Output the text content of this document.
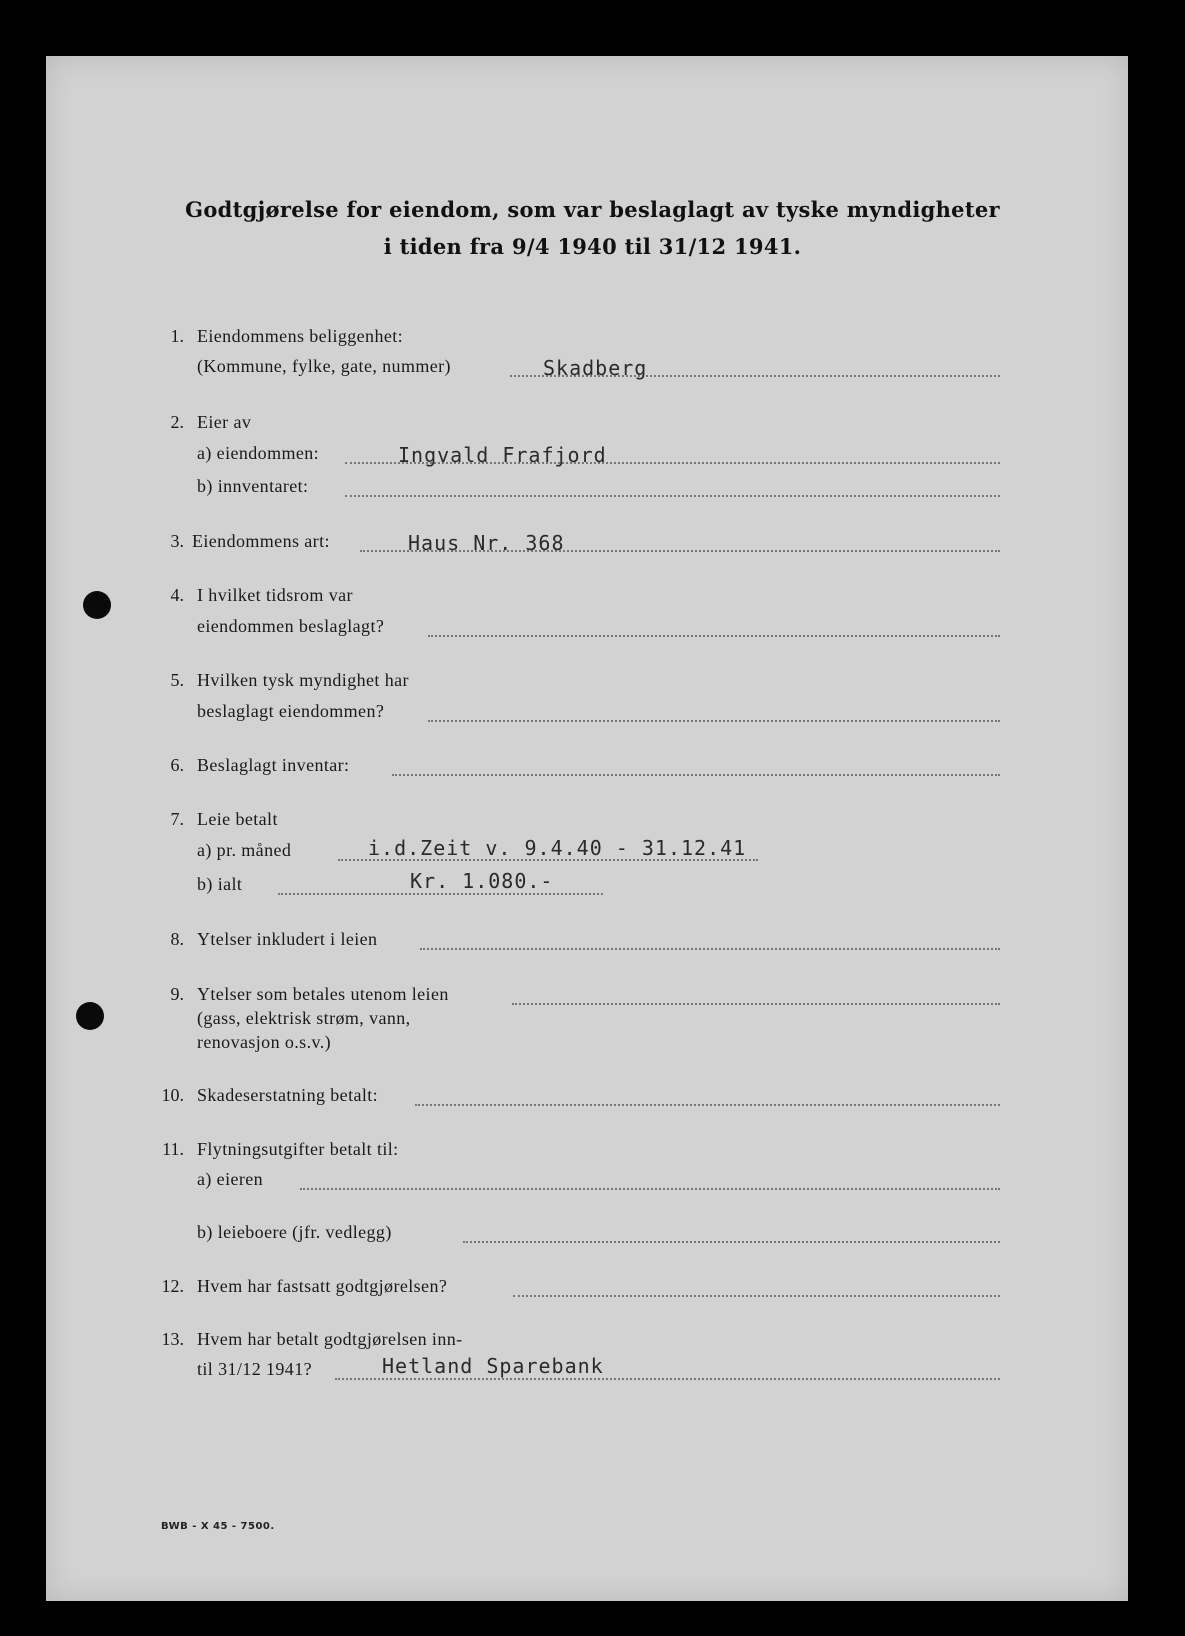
Godtgjørelse for eiendom, som var beslaglagt av tyske myndigheter
i tiden fra 9/4 1940 til 31/12 1941.
1. Eiendommens beliggenhet:
(Kommune, fylke, gate, nummer)	Skadberg
2. Eier av
a) eiendommen:	Ingvald Frafjord
b) innventaret:
3. Eiendommens art:	Haus Nr. 368
4. I hvilket tidsrom var
eiendommen beslaglagt?
5. Hvilken tysk myndighet har
beslaglagt eiendommen?
6. Beslaglagt inventar:
7. Leie betalt
a) pr. måned	i.d.Zeit v. 9.4.40 - 31.12.41
b) ialt	Kr. 1.080.-
8. Ytelser inkludert i leien
9. Ytelser som betales utenom leien
(gass, elektrisk strøm, vann,
renovasjon o.s.v.)
10. Skadeserstatning betalt:
11. Flytningsutgifter betalt til:
a) eieren
b) leieboere (jfr. vedlegg)
12. Hvem har fastsatt godtgjørelsen?
13. Hvem har betalt godtgjørelsen inn-
til 31/12 1941?	Hetland Sparebank
BWB - X 45 - 7500.
